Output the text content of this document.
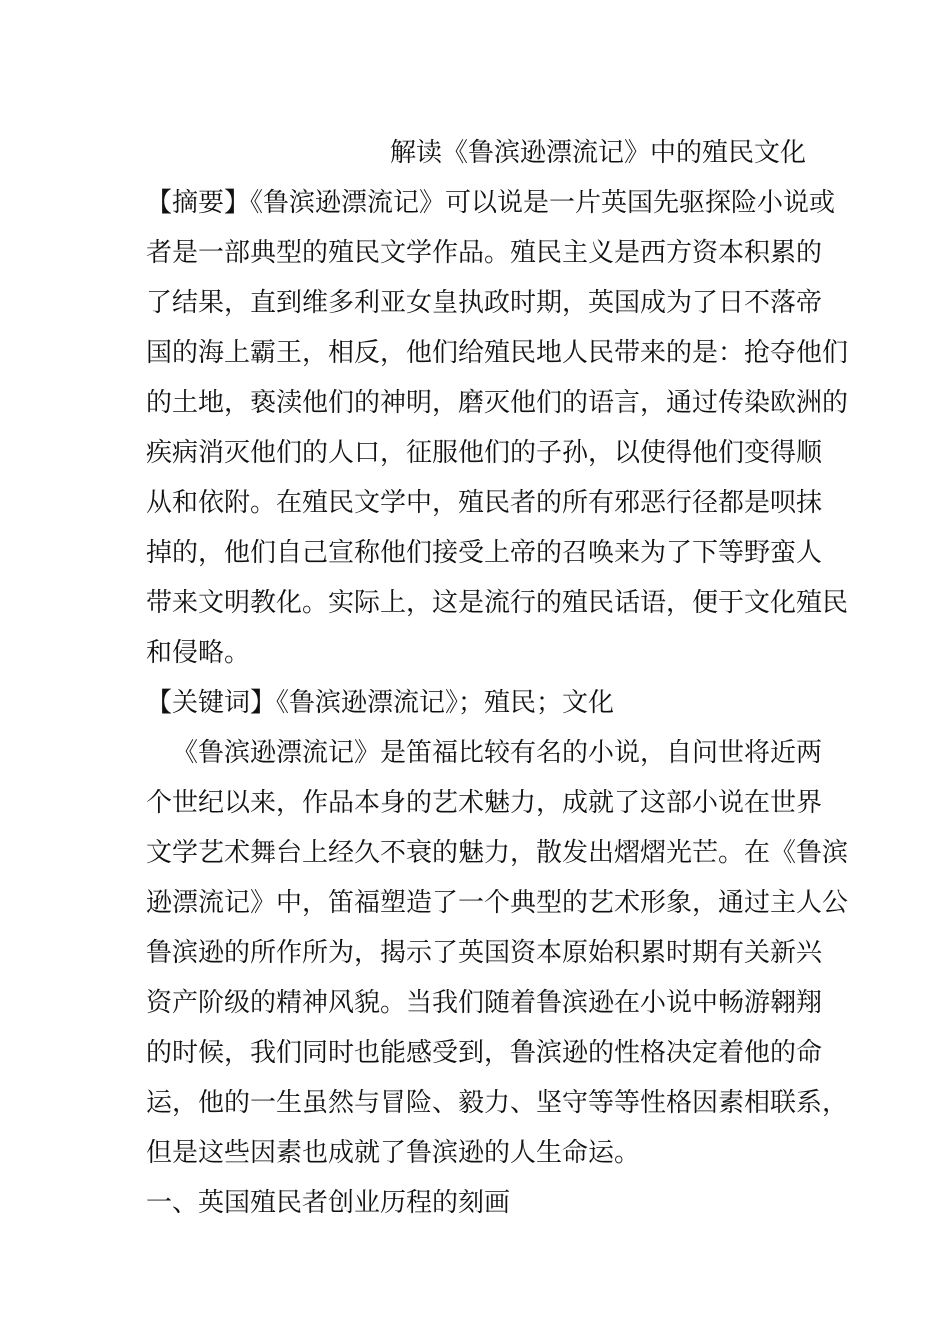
解读《鲁滨逊漂流记》中的殖民文化
【摘要】《鲁滨逊漂流记》可以说是一片英国先驱探险小说或
者是一部典型的殖民文学作品。殖民主义是西方资本积累的
了结果，直到维多利亚女皇执政时期，英国成为了日不落帝
国的海上霸王，相反，他们给殖民地人民带来的是：抢夺他们
的土地，亵渎他们的神明，磨灭他们的语言，通过传染欧洲的
疾病消灭他们的人口，征服他们的子孙，以使得他们变得顺
从和依附。在殖民文学中，殖民者的所有邪恶行径都是呗抹
掉的，他们自己宣称他们接受上帝的召唤来为了下等野蛮人
带来文明教化。实际上，这是流行的殖民话语，便于文化殖民
和侵略。
【关键词】《鲁滨逊漂流记》；殖民；文化
《鲁滨逊漂流记》是笛福比较有名的小说，自问世将近两
个世纪以来，作品本身的艺术魅力，成就了这部小说在世界
文学艺术舞台上经久不衰的魅力，散发出熠熠光芒。在《鲁滨
逊漂流记》中，笛福塑造了一个典型的艺术形象，通过主人公
鲁滨逊的所作所为，揭示了英国资本原始积累时期有关新兴
资产阶级的精神风貌。当我们随着鲁滨逊在小说中畅游翱翔
的时候，我们同时也能感受到，鲁滨逊的性格决定着他的命
运，他的一生虽然与冒险、毅力、坚守等等性格因素相联系，
但是这些因素也成就了鲁滨逊的人生命运。
一、英国殖民者创业历程的刻画
